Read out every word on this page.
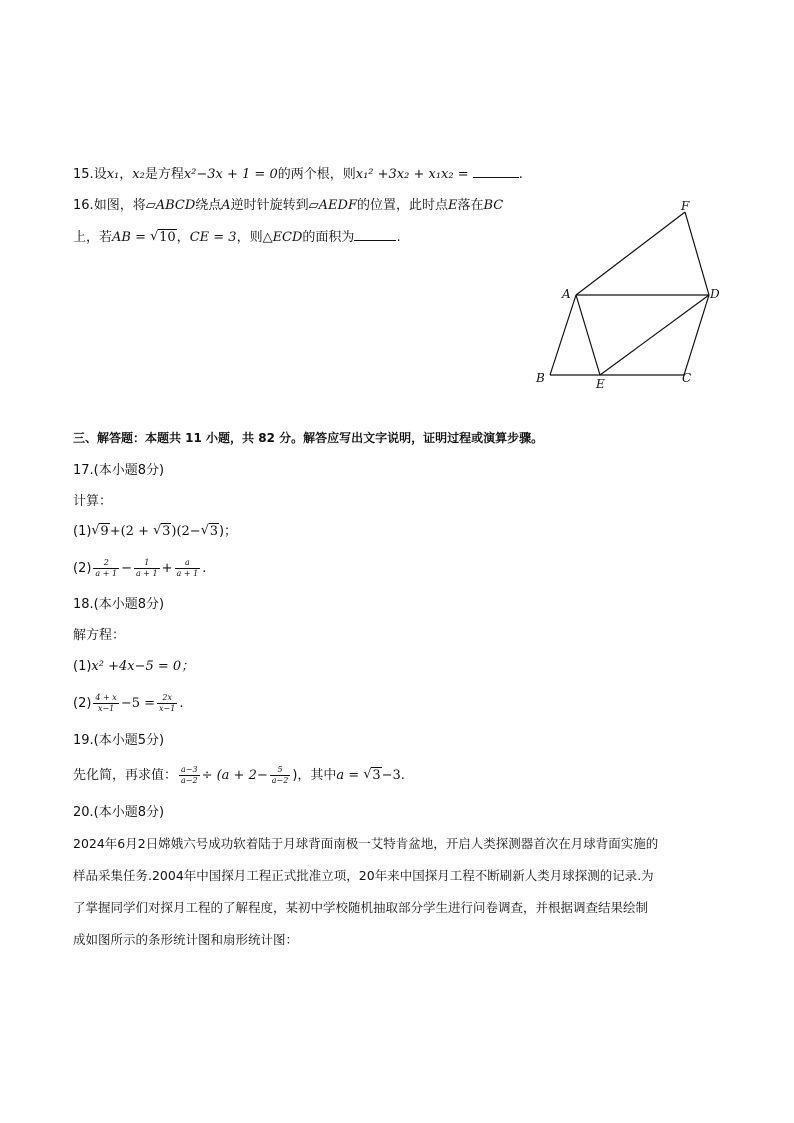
15.设x₁，x₂是方程x²−3x + 1 = 0的两个根，则x₁² +3x₂ + x₁x₂ =	.
16.如图，将▱ABCD绕点A逆时针旋转到▱AEDF的位置，此时点E落在BC
上，若AB = √ 10，CE = 3，则△ECD的面积为	.
A
B	C
D
E
F
三、解答题：本题共 11 小题，共 82 分。解答应写出文字说明，证明过程或演算步骤。
17.(本小题8分)
计算：
(1) √ 9+(2 + √ 3)(2− √ 3)；
$(2) \frac{2}{a + 1} - \frac{1}{a + 1} + \frac{a}{a + 1}$ .
18.(本小题8分)
解方程：
(1)x² +4x−5 = 0；
$(2) \frac{4 + x}{x-1} -5 = \frac{2x}{x-1}$ .
19.(本小题5分)
先化简，再求值： $\frac{a-3}{a-2} \div (a + 2- \frac{5}{a-2}$ )，其中a = √ 3−3.
20.(本小题8分)
2024年6月2日嫦娥六号成功软着陆于月球背面南极一艾特肯盆地，开启人类探测器首次在月球背面实施的
样品采集任务.2004年中国探月工程正式批准立项，20年来中国探月工程不断刷新人类月球探测的记录.为
了掌握同学们对探月工程的了解程度，某初中学校随机抽取部分学生进行问卷调查，并根据调查结果绘制
成如图所示的条形统计图和扇形统计图：
